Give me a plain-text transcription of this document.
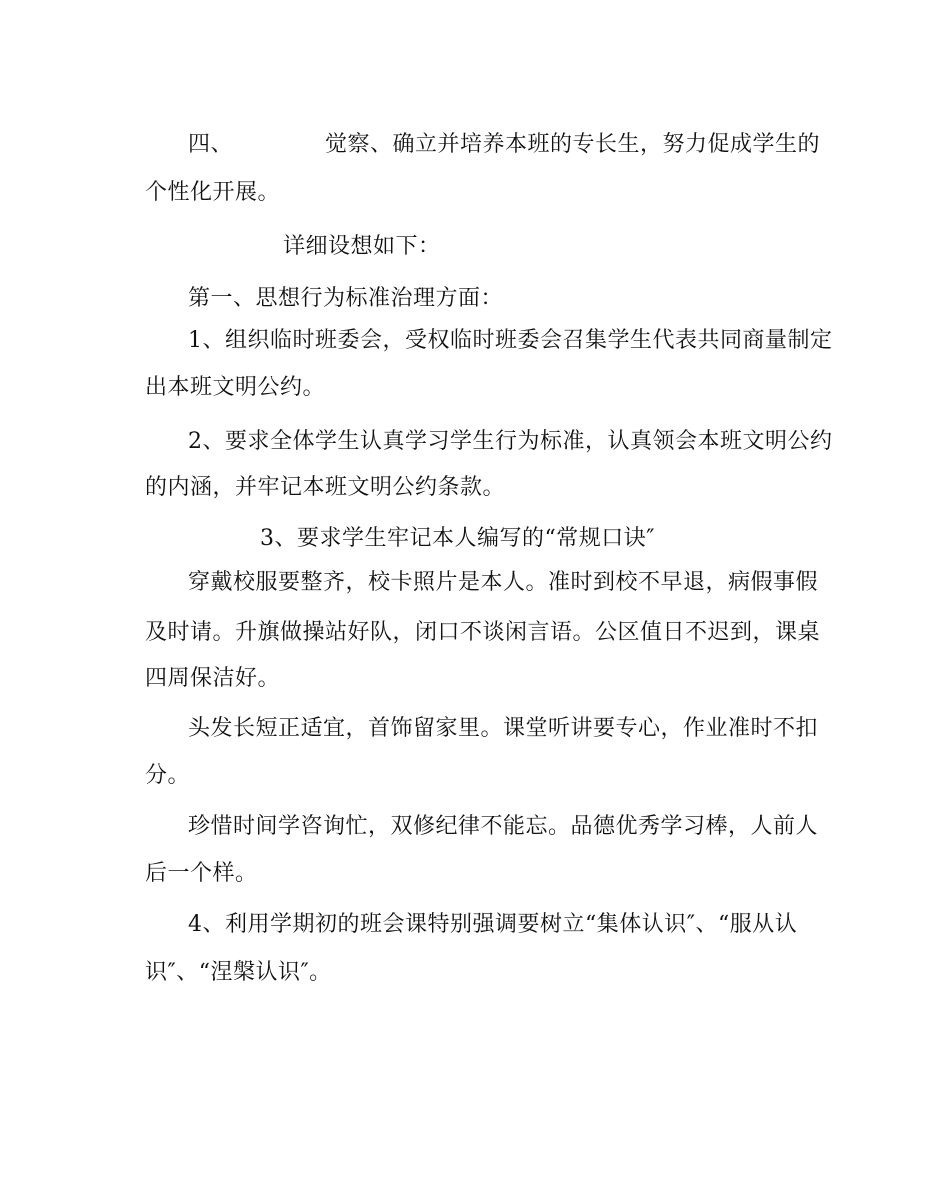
四、	觉察、确立并培养本班的专长生，努力促成学生的
个性化开展。
详细设想如下：
第一、思想行为标准治理方面：
1、组织临时班委会，受权临时班委会召集学生代表共同商量制定
出本班文明公约。
2、要求全体学生认真学习学生行为标准，认真领会本班文明公约
的内涵，并牢记本班文明公约条款。
3、要求学生牢记本人编写的“常规口诀″
穿戴校服要整齐，校卡照片是本人。准时到校不早退，病假事假
及时请。升旗做操站好队，闭口不谈闲言语。公区值日不迟到，课桌
四周保洁好。
头发长短正适宜，首饰留家里。课堂听讲要专心，作业准时不扣
分。
珍惜时间学咨询忙，双修纪律不能忘。品德优秀学习棒，人前人
后一个样。
4、利用学期初的班会课特别强调要树立“集体认识″、“服从认
识″、“涅槃认识″。
